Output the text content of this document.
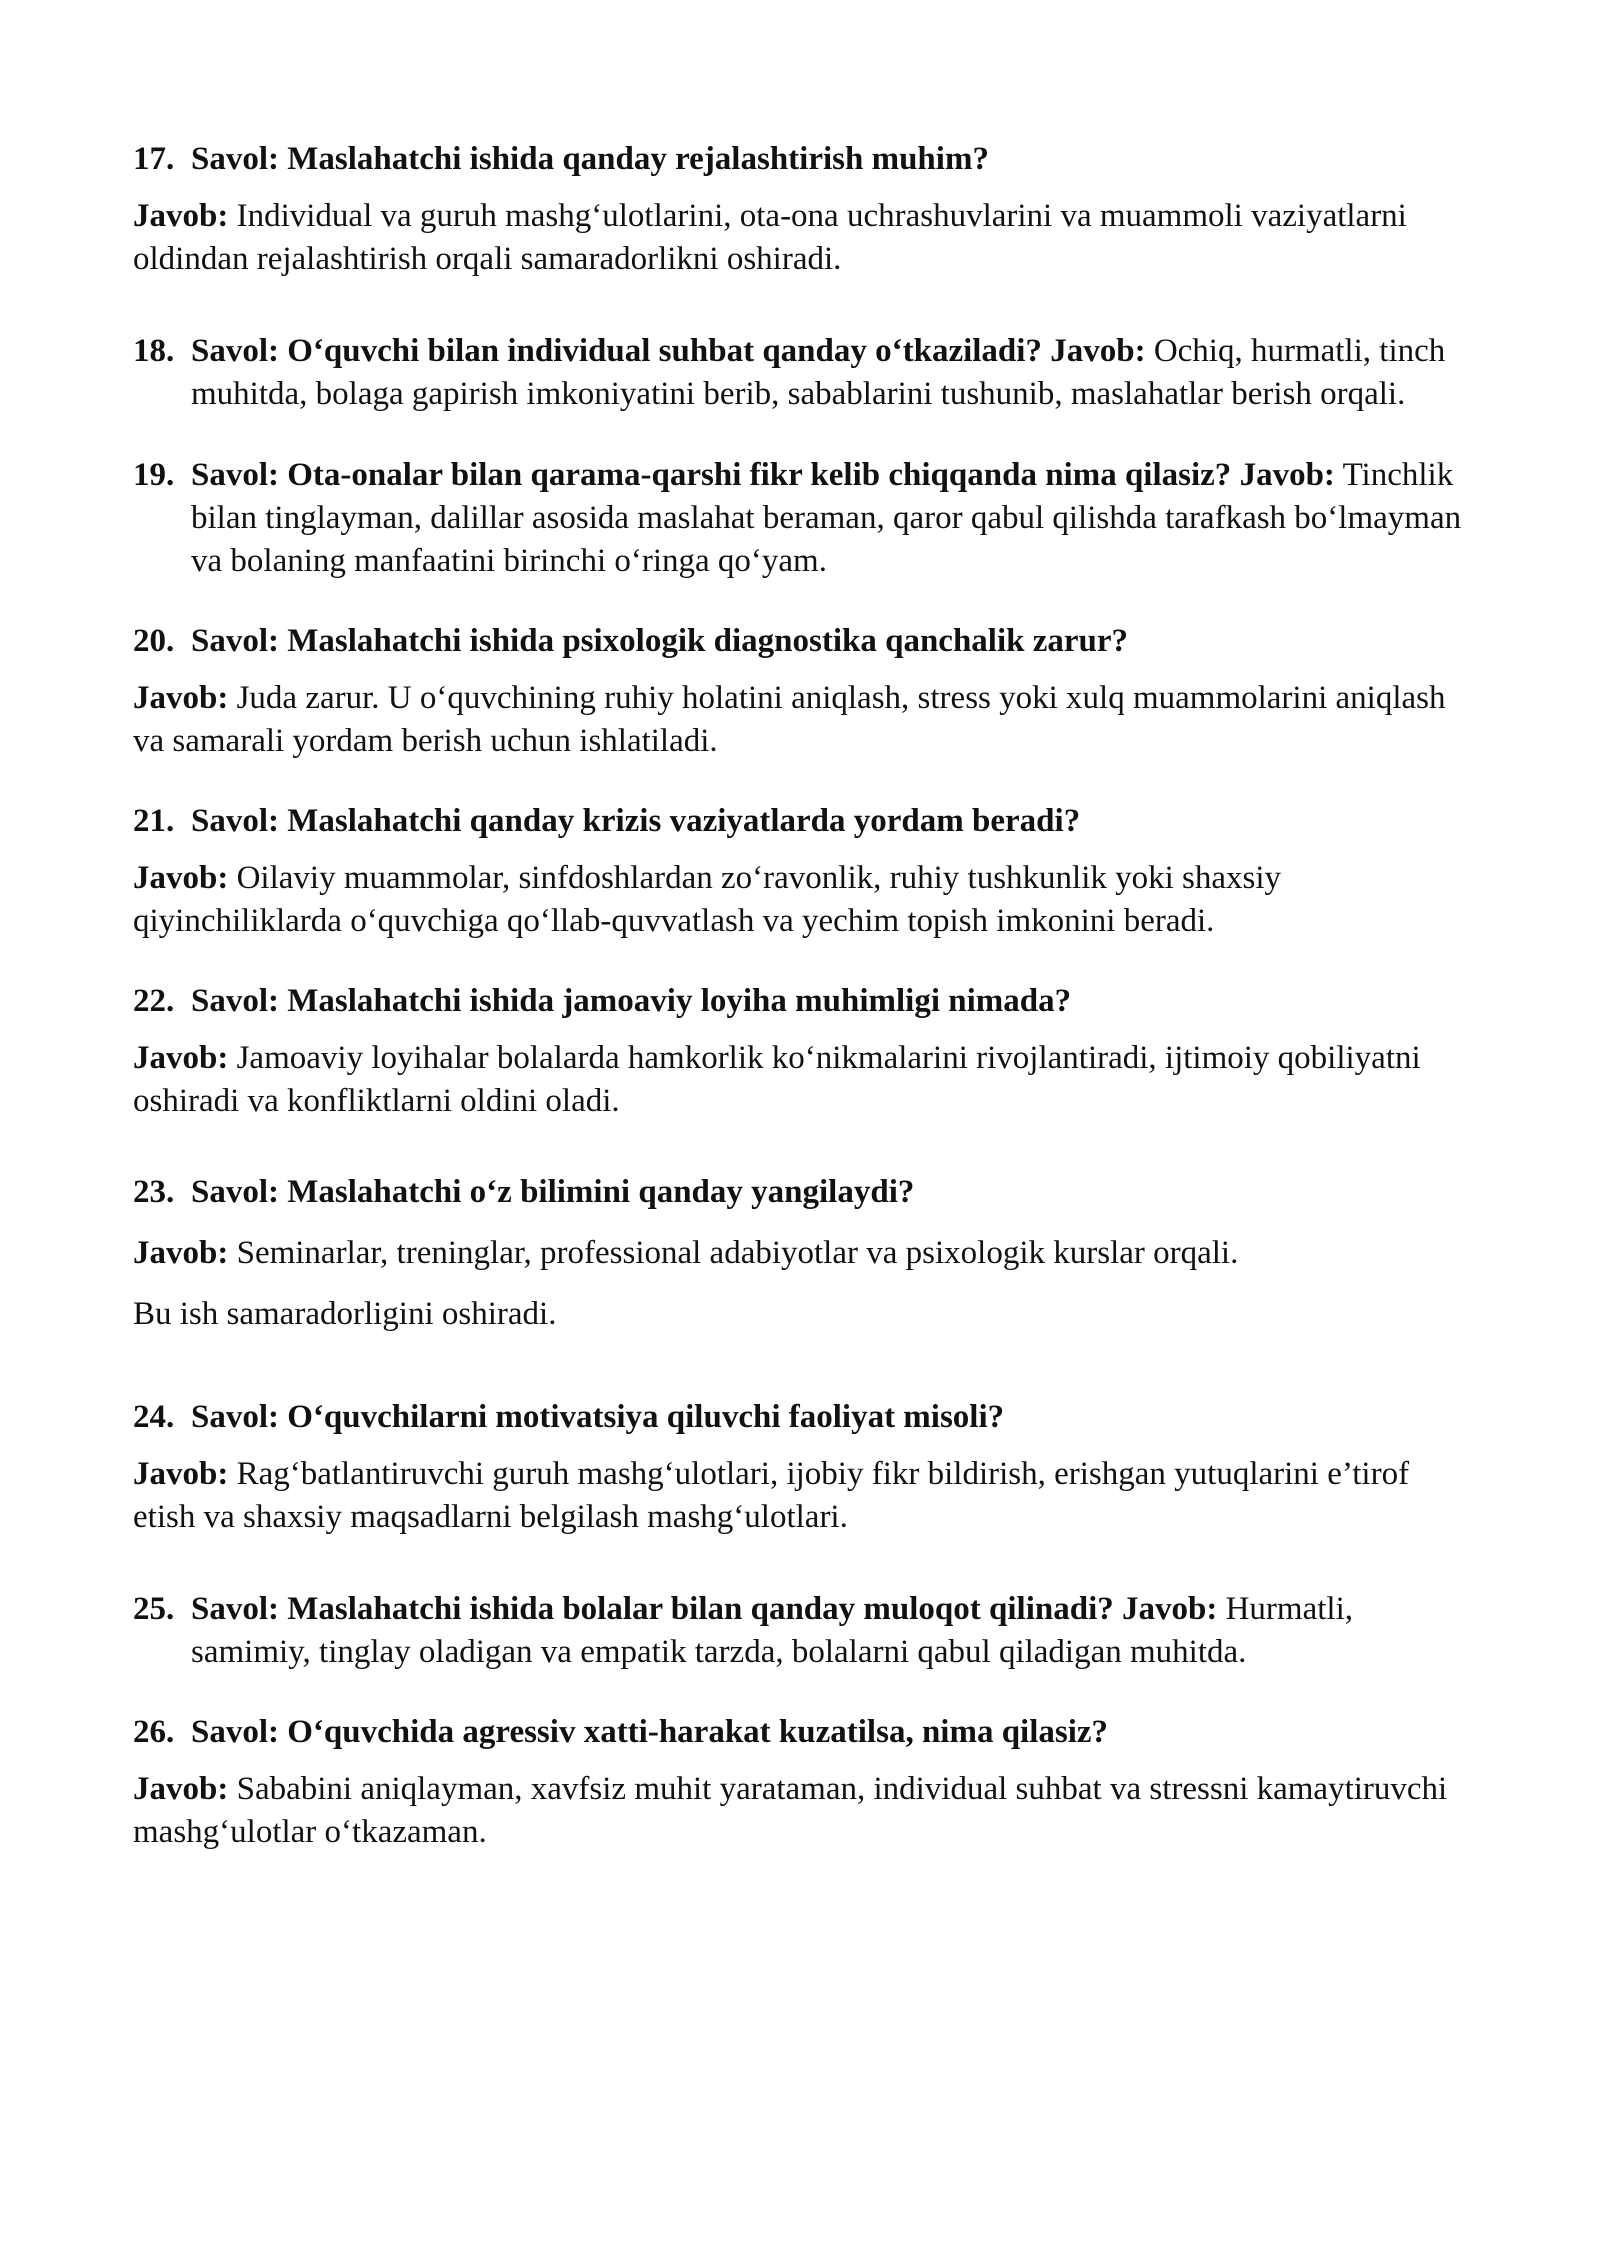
17. Savol: Maslahatchi ishida qanday rejalashtirish muhim?

Javob: Individual va guruh mashg‘ulotlarini, ota-ona uchrashuvlarini va muammoli vaziyatlarni oldindan rejalashtirish orqali samaradorlikni oshiradi.

18. Savol: O‘quvchi bilan individual suhbat qanday o‘tkaziladi? Javob: Ochiq, hurmatli, tinch muhitda, bolaga gapirish imkoniyatini berib, sabablarini tushunib, maslahatlar berish orqali.
19. Savol: Ota-onalar bilan qarama-qarshi fikr kelib chiqqanda nima qilasiz? Javob: Tinchlik bilan tinglayman, dalillar asosida maslahat beraman, qaror qabul qilishda tarafkash bo‘lmayman va bolaning manfaatini birinchi o‘ringa qo‘yam.

20. Savol: Maslahatchi ishida psixologik diagnostika qanchalik zarur?

Javob: Juda zarur. U o‘quvchining ruhiy holatini aniqlash, stress yoki xulq muammolarini aniqlash va samarali yordam berish uchun ishlatiladi.

21. Savol: Maslahatchi qanday krizis vaziyatlarda yordam beradi?

Javob: Oilaviy muammolar, sinfdoshlardan zo‘ravonlik, ruhiy tushkunlik yoki shaxsiy qiyinchiliklarda o‘quvchiga qo‘llab-quvvatlash va yechim topish imkonini beradi.

22. Savol: Maslahatchi ishida jamoaviy loyiha muhimligi nimada?

Javob: Jamoaviy loyihalar bolalarda hamkorlik ko‘nikmalarini rivojlantiradi, ijtimoiy qobiliyatni oshiradi va konfliktlarni oldini oladi.

23. Savol: Maslahatchi o‘z bilimini qanday yangilaydi?

Javob: Seminarlar, treninglar, professional adabiyotlar va psixologik kurslar orqali.

Bu ish samaradorligini oshiradi.

24. Savol: O‘quvchilarni motivatsiya qiluvchi faoliyat misoli?

Javob: Rag‘batlantiruvchi guruh mashg‘ulotlari, ijobiy fikr bildirish, erishgan yutuqlarini e’tirof etish va shaxsiy maqsadlarni belgilash mashg‘ulotlari.

25. Savol: Maslahatchi ishida bolalar bilan qanday muloqot qilinadi? Javob: Hurmatli, samimiy, tinglay oladigan va empatik tarzda, bolalarni qabul qiladigan muhitda.

26. Savol: O‘quvchida agressiv xatti-harakat kuzatilsa, nima qilasiz?

Javob: Sababini aniqlayman, xavfsiz muhit yarataman, individual suhbat va stressni kamaytiruvchi mashg‘ulotlar o‘tkazaman.
